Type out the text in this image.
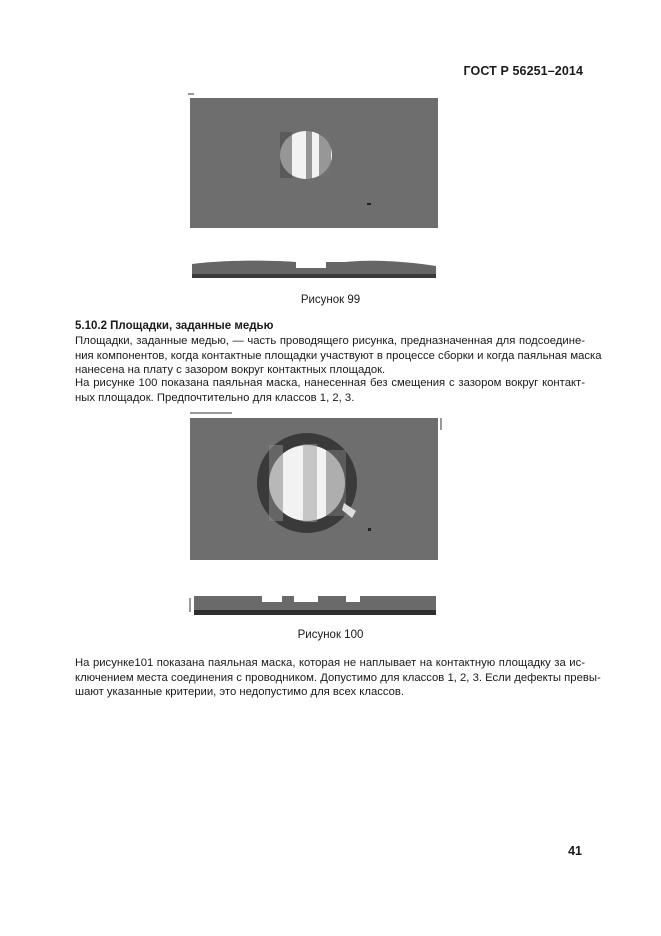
ГОСТ Р 56251–2014
Рисунок 99
5.10.2 Площадки, заданные медью
Площадки, заданные медью, — часть проводящего рисунка, предназначенная для подсоедине-
ния компонентов, когда контактные площадки участвуют в процессе сборки и когда паяльная маска
нанесена на плату с зазором вокруг контактных площадок.
На рисунке 100 показана паяльная маска, нанесенная без смещения с зазором вокруг контакт-
ных площадок. Предпочтительно для классов 1, 2, 3.
Рисунок 100
На рисунке101 показана паяльная маска, которая не наплывает на контактную площадку за ис-
ключением места соединения с проводником. Допустимо для классов 1, 2, 3. Если дефекты превы-
шают указанные критерии, это недопустимо для всех классов.
41
